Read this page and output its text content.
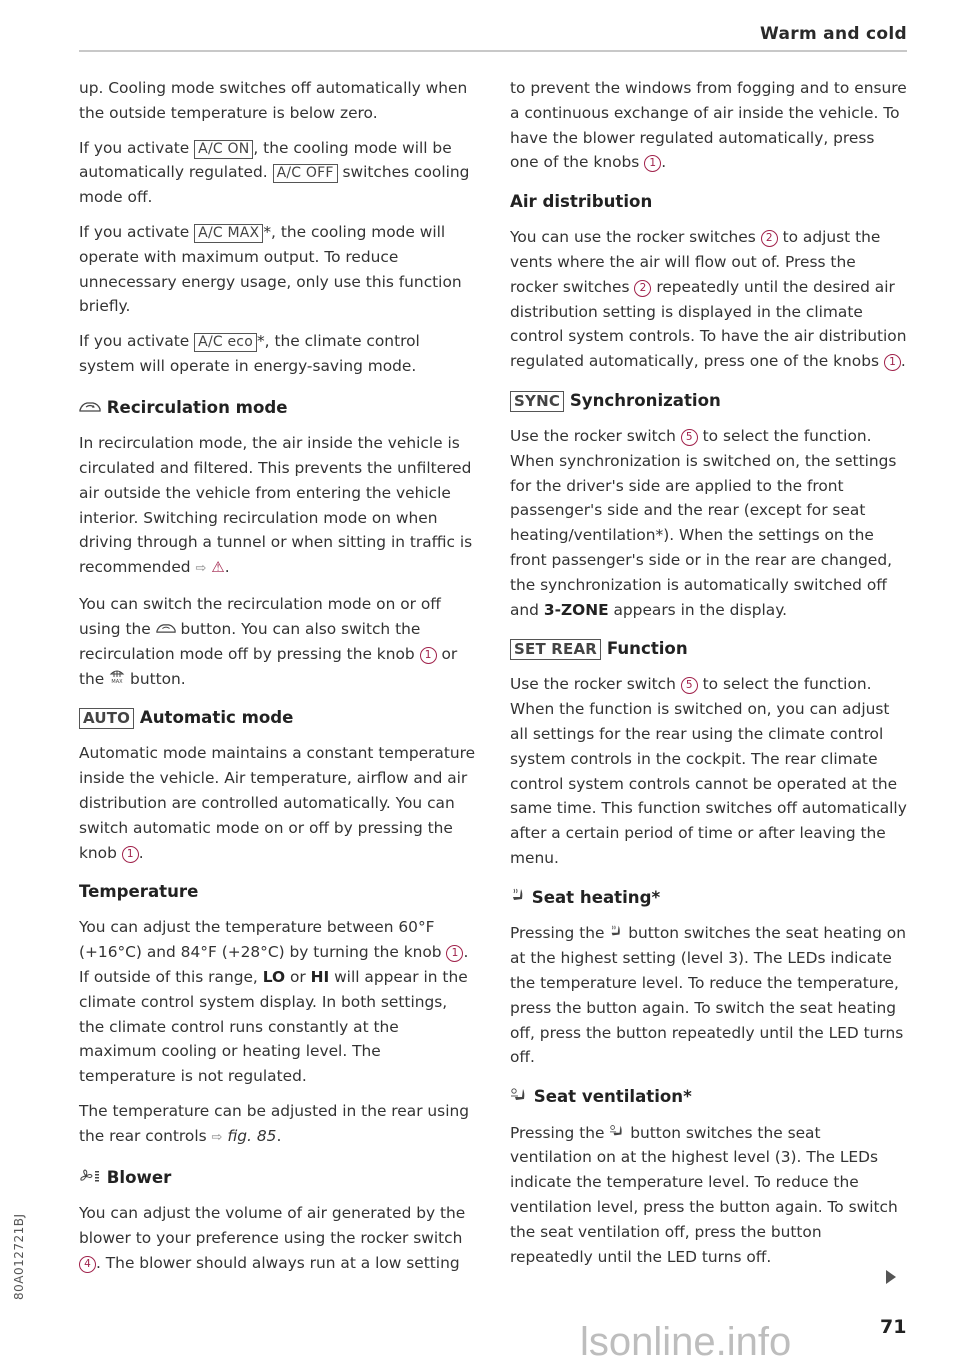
Warm and cold

up. Cooling mode switches off automatically when the outside temperature is below zero.

If you activate A/C ON , the cooling mode will be automatically regulated. A/C OFF switches cooling mode off.

If you activate A/C MAX *, the cooling mode will operate with maximum output. To reduce unnecessary energy usage, only use this function briefly.

If you activate A/C eco *, the climate control system will operate in energy-saving mode.

Recirculation mode

In recirculation mode, the air inside the vehicle is circulated and filtered. This prevents the unfiltered air outside the vehicle from entering the vehicle interior. Switching recirculation mode on when driving through a tunnel or when sitting in traffic is recommended ⇨ ⚠.

You can switch the recirculation mode on or off using the  button. You can also switch the recirculation mode off by pressing the knob 1 or the MAX button.

AUTO Automatic mode

Automatic mode maintains a constant temperature inside the vehicle. Air temperature, airflow and air distribution are controlled automatically. You can switch automatic mode on or off by pressing the knob 1 .

Temperature

You can adjust the temperature between 60°F (+16°C) and 84°F (+28°C) by turning the knob 1 . If outside of this range, LO or HI will appear in the climate control system display. In both settings, the climate control runs constantly at the maximum cooling or heating level. The temperature is not regulated.

The temperature can be adjusted in the rear using the rear controls ⇨ fig. 85.

Blower

You can adjust the volume of air generated by the blower to your preference using the rocker switch 4 . The blower should always run at a low setting

to prevent the windows from fogging and to ensure a continuous exchange of air inside the vehicle. To have the blower regulated automatically, press one of the knobs 1 .

Air distribution

You can use the rocker switches 2 to adjust the vents where the air will flow out of. Press the rocker switches 2 repeatedly until the desired air distribution setting is displayed in the climate control system controls. To have the air distribution regulated automatically, press one of the knobs 1 .

SYNC Synchronization

Use the rocker switch 5 to select the function. When synchronization is switched on, the settings for the driver's side are applied to the front passenger's side and the rear (except for seat heating/ventilation*). When the settings on the front passenger's side or in the rear are changed, the synchronization is automatically switched off and 3-ZONE appears in the display.

SET REAR Function

Use the rocker switch 5 to select the function. When the function is switched on, you can adjust all settings for the rear using the climate control system controls in the cockpit. The rear climate control system controls cannot be operated at the same time. This function switches off automatically after a certain period of time or after leaving the menu.

Seat heating*

Pressing the  button switches the seat heating on at the highest setting (level 3). The LEDs indicate the temperature level. To reduce the temperature, press the button again. To switch the seat heating off, press the button repeatedly until the LED turns off.

Seat ventilation*

Pressing the  button switches the seat ventilation on at the highest level (3). The LEDs indicate the temperature level. To reduce the ventilation level, press the button again. To switch the seat ventilation off, press the button repeatedly until the LED turns off.

lsonline.info	71
80A012721BJ
